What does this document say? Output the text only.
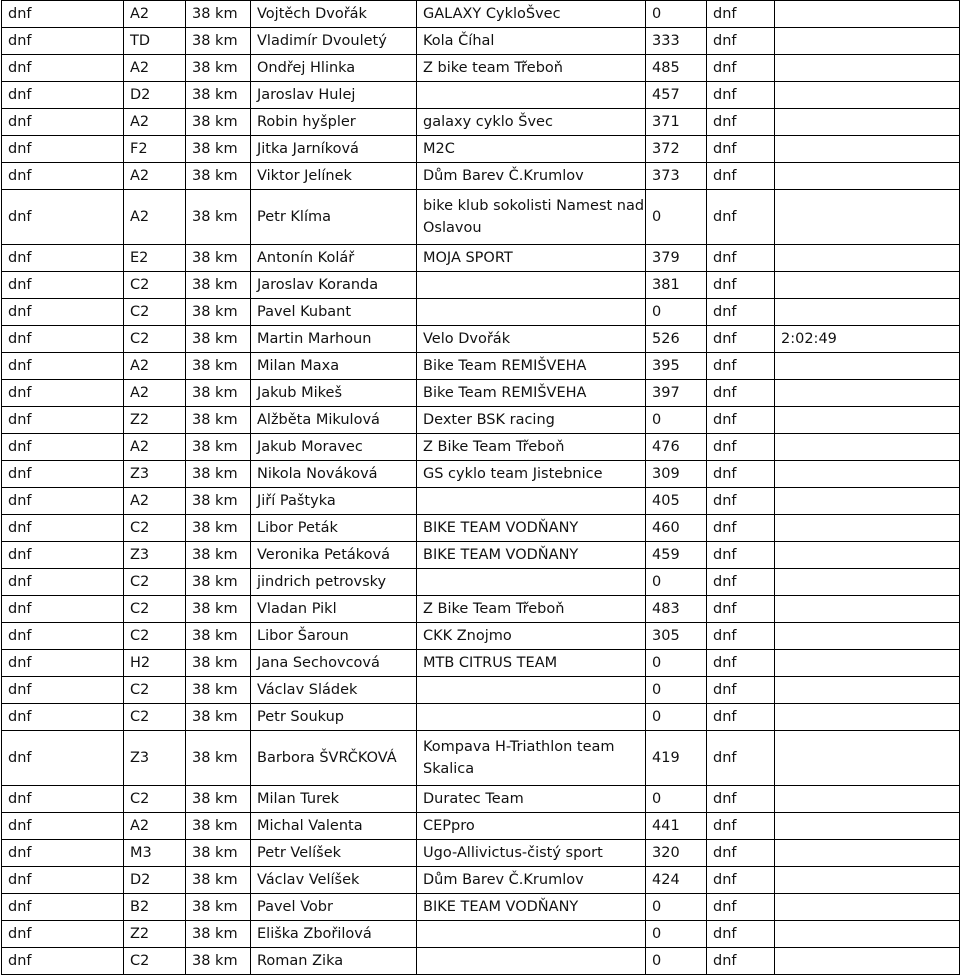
dnf	A2	38 km	Vojtěch Dvořák	GALAXY CykloŠvec	0	dnf	
dnf	TD	38 km	Vladimír Dvouletý	Kola Číhal	333	dnf	
dnf	A2	38 km	Ondřej Hlinka	Z bike team Třeboň	485	dnf	
dnf	D2	38 km	Jaroslav Hulej		457	dnf	
dnf	A2	38 km	Robin hyšpler	galaxy cyklo Švec	371	dnf	
dnf	F2	38 km	Jitka Jarníková	M2C	372	dnf	
dnf	A2	38 km	Viktor Jelínek	Dům Barev Č.Krumlov	373	dnf	
dnf	A2	38 km	Petr Klíma	bike klub sokolisti Namest nad Oslavou	0	dnf	
dnf	E2	38 km	Antonín Kolář	MOJA SPORT	379	dnf	
dnf	C2	38 km	Jaroslav Koranda		381	dnf	
dnf	C2	38 km	Pavel Kubant		0	dnf	
dnf	C2	38 km	Martin Marhoun	Velo Dvořák	526	dnf	2:02:49
dnf	A2	38 km	Milan Maxa	Bike Team REMIŠVEHA	395	dnf	
dnf	A2	38 km	Jakub Mikeš	Bike Team REMIŠVEHA	397	dnf	
dnf	Z2	38 km	Alžběta Mikulová	Dexter BSK racing	0	dnf	
dnf	A2	38 km	Jakub Moravec	Z Bike Team Třeboň	476	dnf	
dnf	Z3	38 km	Nikola Nováková	GS cyklo team Jistebnice	309	dnf	
dnf	A2	38 km	Jiří Paštyka		405	dnf	
dnf	C2	38 km	Libor Peták	BIKE TEAM VODŇANY	460	dnf	
dnf	Z3	38 km	Veronika Petáková	BIKE TEAM VODŇANY	459	dnf	
dnf	C2	38 km	jindrich petrovsky		0	dnf	
dnf	C2	38 km	Vladan Pikl	Z Bike Team Třeboň	483	dnf	
dnf	C2	38 km	Libor Šaroun	CKK Znojmo	305	dnf	
dnf	H2	38 km	Jana Sechovcová	MTB CITRUS TEAM	0	dnf	
dnf	C2	38 km	Václav Sládek		0	dnf	
dnf	C2	38 km	Petr Soukup		0	dnf	
dnf	Z3	38 km	Barbora ŠVRČKOVÁ	Kompava H-Triathlon team Skalica	419	dnf	
dnf	C2	38 km	Milan Turek	Duratec Team	0	dnf	
dnf	A2	38 km	Michal Valenta	CEPpro	441	dnf	
dnf	M3	38 km	Petr Velíšek	Ugo-Allivictus-čistý sport	320	dnf	
dnf	D2	38 km	Václav Velíšek	Dům Barev Č.Krumlov	424	dnf	
dnf	B2	38 km	Pavel Vobr	BIKE TEAM VODŇANY	0	dnf	
dnf	Z2	38 km	Eliška Zbořilová		0	dnf	
dnf	C2	38 km	Roman Zika		0	dnf	
